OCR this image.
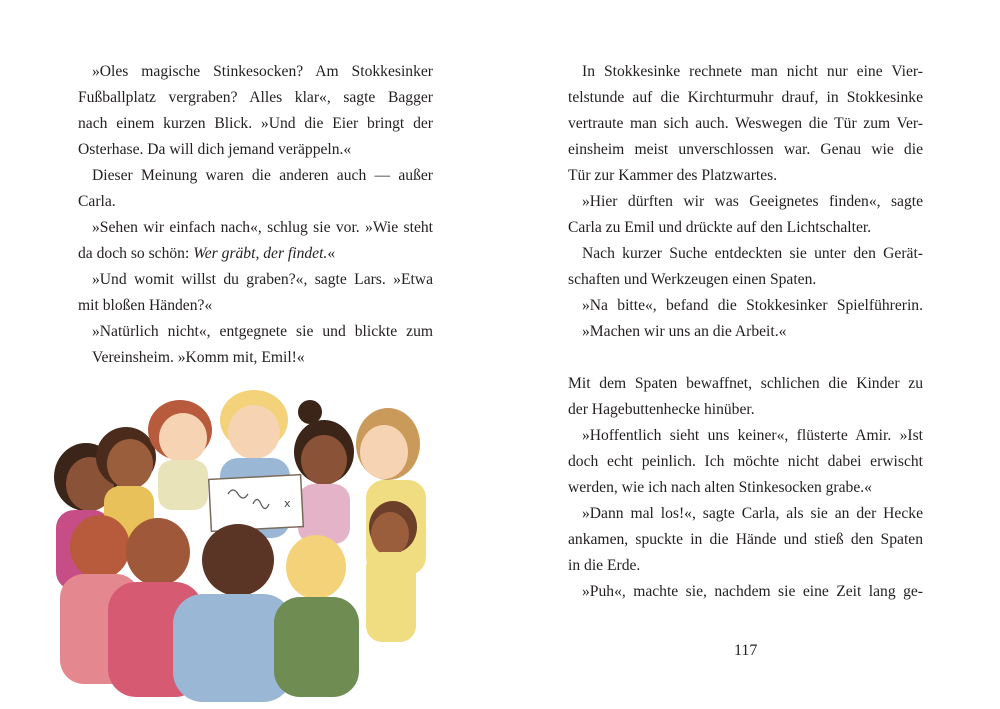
»Oles magische Stinkesocken? Am Stokkesinker
Fußballplatz vergraben? Alles klar«, sagte Bagger
nach einem kurzen Blick. »Und die Eier bringt der
Osterhase. Da will dich jemand veräppeln.«
Dieser Meinung waren die anderen auch — außer
Carla.
»Sehen wir einfach nach«, schlug sie vor. »Wie steht
da doch so schön: Wer gräbt, der findet.«
»Und womit willst du graben?«, sagte Lars. »Etwa
mit bloßen Händen?«
»Natürlich nicht«, entgegnete sie und blickte zum
Vereinsheim. »Komm mit, Emil!«
x
In Stokkesinke rechnete man nicht nur eine Vier-
telstunde auf die Kirchturmuhr drauf, in Stokkesinke
vertraute man sich auch. Weswegen die Tür zum Ver-
einsheim meist unverschlossen war. Genau wie die
Tür zur Kammer des Platzwartes.
»Hier dürften wir was Geeignetes finden«, sagte
Carla zu Emil und drückte auf den Lichtschalter.
Nach kurzer Suche entdeckten sie unter den Gerät-
schaften und Werkzeugen einen Spaten.
»Na bitte«, befand die Stokkesinker Spielführerin.
»Machen wir uns an die Arbeit.«
Mit dem Spaten bewaffnet, schlichen die Kinder zu
der Hagebuttenhecke hinüber.
»Hoffentlich sieht uns keiner«, flüsterte Amir. »Ist
doch echt peinlich. Ich möchte nicht dabei erwischt
werden, wie ich nach alten Stinkesocken grabe.«
»Dann mal los!«, sagte Carla, als sie an der Hecke
ankamen, spuckte in die Hände und stieß den Spaten
in die Erde.
»Puh«, machte sie, nachdem sie eine Zeit lang ge-
117
